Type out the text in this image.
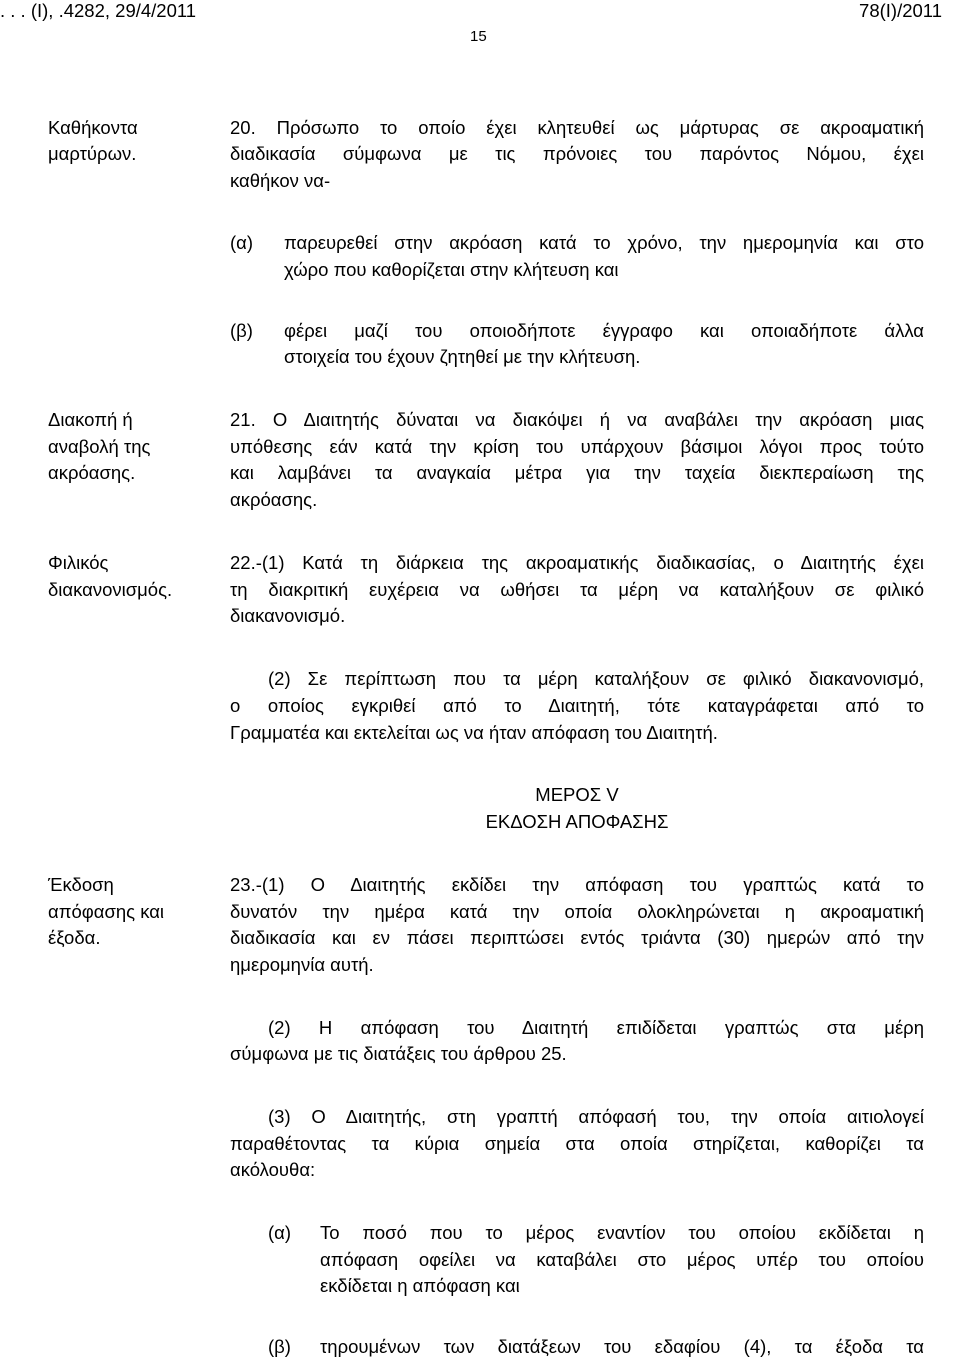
. . . (Ι), .4282, 29/4/2011	78(Ι)/2011
15
Καθήκοντα
μαρτύρων.
Διακοπή ή
αναβολή της
ακρόασης.
Φιλικός
διακανονισμός.
Έκδοση
απόφασης και
έξοδα.
20. Πρόσωπο το οποίο έχει κλητευθεί ως μάρτυρας σε ακροαματική
διαδικασία σύμφωνα με τις πρόνοιες του παρόντος Νόμου, έχει
καθήκον να-
(α) παρευρεθεί στην ακρόαση κατά το χρόνο, την ημερομηνία και στο
χώρο που καθορίζεται στην κλήτευση και
(β) φέρει μαζί του οποιοδήποτε έγγραφο και οποιαδήποτε άλλα
στοιχεία του έχουν ζητηθεί με την κλήτευση.
21. Ο Διαιτητής δύναται να διακόψει ή να αναβάλει την ακρόαση μιας
υπόθεσης εάν κατά την κρίση του υπάρχουν βάσιμοι λόγοι προς τούτο
και λαμβάνει τα αναγκαία μέτρα για την ταχεία διεκπεραίωση της
ακρόασης.
22.-(1) Κατά τη διάρκεια της ακροαματικής διαδικασίας, ο Διαιτητής έχει
τη διακριτική ευχέρεια να ωθήσει τα μέρη να καταλήξουν σε φιλικό
διακανονισμό.
(2) Σε περίπτωση που τα μέρη καταλήξουν σε φιλικό διακανονισμό,
ο οποίος εγκριθεί από το Διαιτητή, τότε καταγράφεται από το
Γραμματέα και εκτελείται ως να ήταν απόφαση του Διαιτητή.
ΜΕΡΟΣ V
ΕΚΔΟΣΗ ΑΠΟΦΑΣΗΣ
23.-(1) Ο Διαιτητής εκδίδει την απόφαση του γραπτώς κατά το
δυνατόν την ημέρα κατά την οποία ολοκληρώνεται η ακροαματική
διαδικασία και εν πάσει περιπτώσει εντός τριάντα (30) ημερών από την
ημερομηνία αυτή.
(2) Η απόφαση του Διαιτητή επιδίδεται γραπτώς στα μέρη
σύμφωνα με τις διατάξεις του άρθρου 25.
(3) Ο Διαιτητής, στη γραπτή απόφασή του, την οποία αιτιολογεί
παραθέτοντας τα κύρια σημεία στα οποία στηρίζεται, καθορίζει τα
ακόλουθα:
(α) Το ποσό που το μέρος εναντίον του οποίου εκδίδεται η
απόφαση οφείλει να καταβάλει στο μέρος υπέρ του οποίου
εκδίδεται η απόφαση και
(β) τηρουμένων των διατάξεων του εδαφίου (4), τα έξοδα τα
